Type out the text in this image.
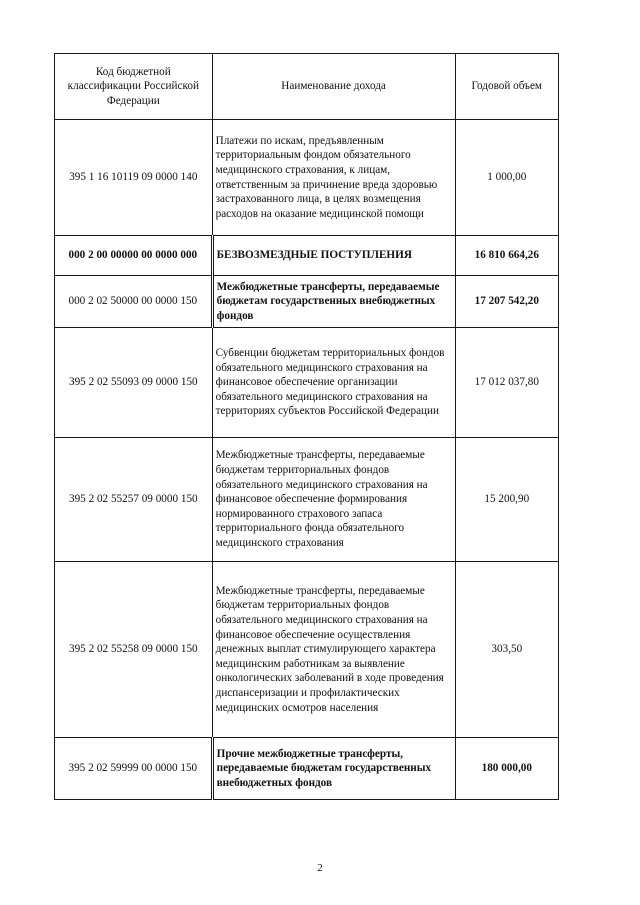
Код бюджетной классификации Российской Федерации	Наименование дохода	Годовой объем
395 1 16 10119 09 0000 140	Платежи по искам, предъявленным территориальным фондом обязательного медицинского страхования, к лицам, ответственным за причинение вреда здоровью застрахованного лица, в целях возмещения расходов на оказание медицинской помощи	1 000,00
000 2 00 00000 00 0000 000	БЕЗВОЗМЕЗДНЫЕ ПОСТУПЛЕНИЯ	16 810 664,26
000 2 02 50000 00 0000 150	Межбюджетные трансферты, передаваемые бюджетам государственных внебюджетных фондов	17 207 542,20
395 2 02 55093 09 0000 150	Субвенции бюджетам территориальных фондов обязательного медицинского страхования на финансовое обеспечение организации обязательного медицинского страхования на территориях субъектов Российской Федерации	17 012 037,80
395 2 02 55257 09 0000 150	Межбюджетные трансферты, передаваемые бюджетам территориальных фондов обязательного медицинского страхования на финансовое обеспечение формирования нормированного страхового запаса территориального фонда обязательного медицинского страхования	15 200,90
395 2 02 55258 09 0000 150	Межбюджетные трансферты, передаваемые бюджетам территориальных фондов обязательного медицинского страхования на финансовое обеспечение осуществления денежных выплат стимулирующего характера медицинским работникам за выявление онкологических заболеваний в ходе проведения диспансеризации и профилактических медицинских осмотров населения	303,50
395 2 02 59999 00 0000 150	Прочие межбюджетные трансферты, передаваемые бюджетам государственных внебюджетных фондов	180 000,00
2
